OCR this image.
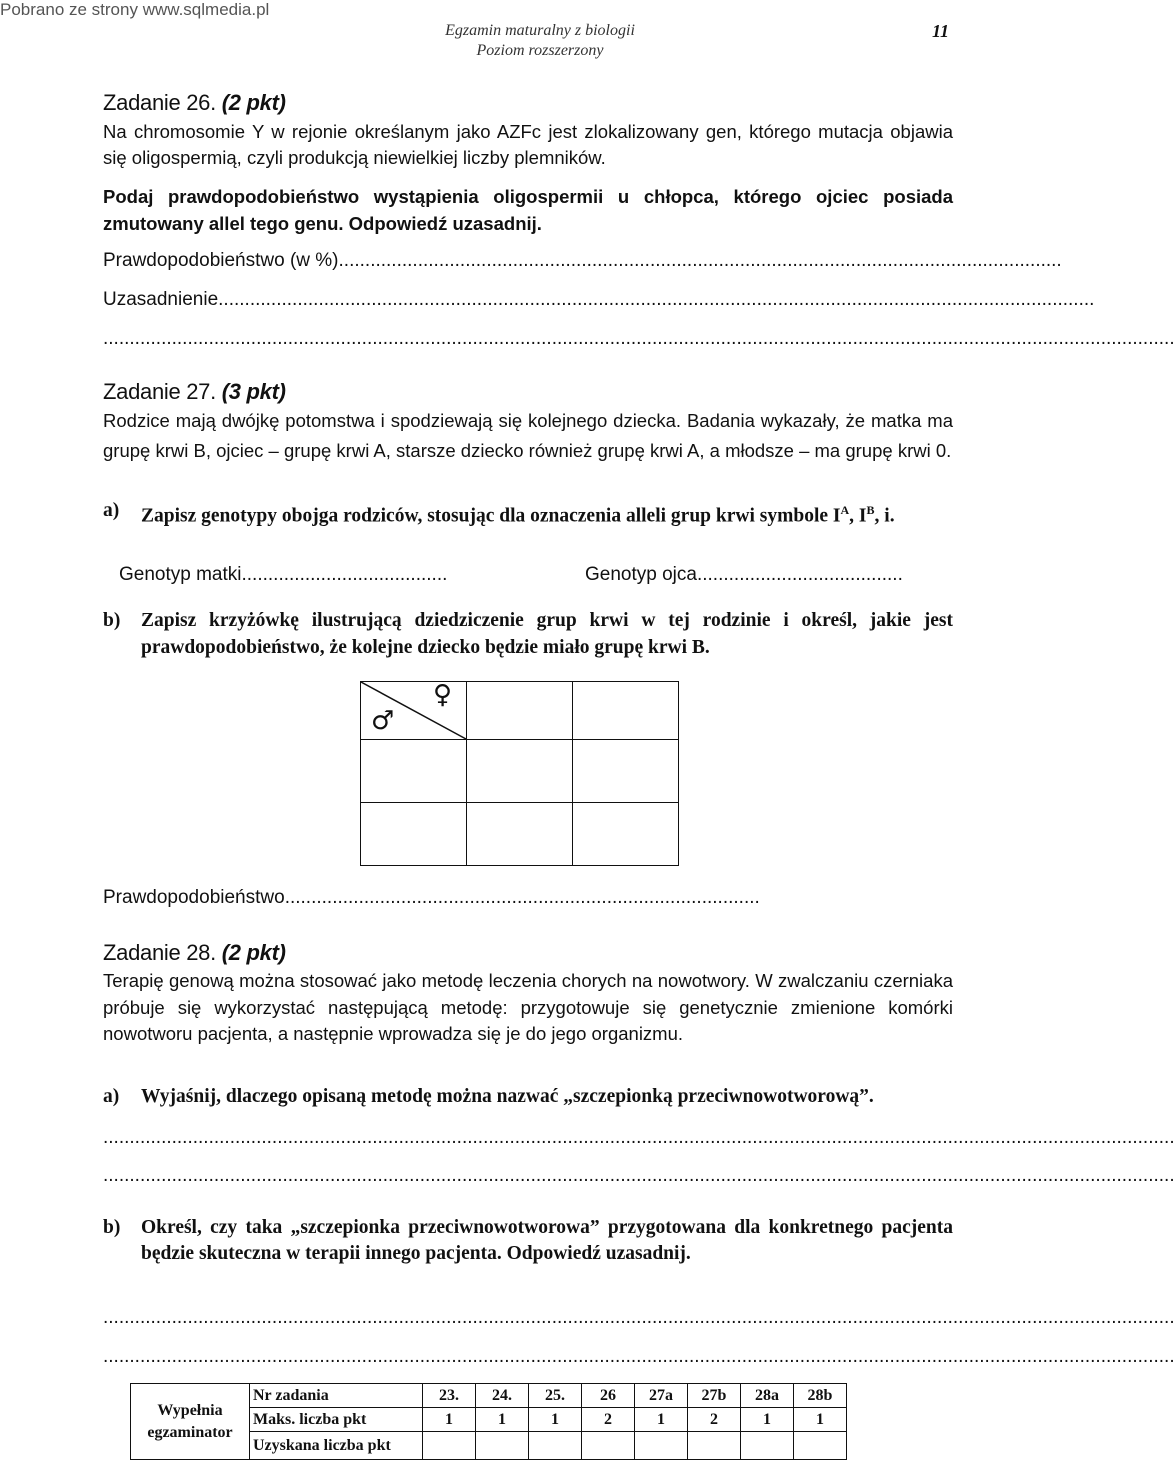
Pobrano ze strony www.sqlmedia.pl
Egzamin maturalny z biologii
Poziom rozszerzony
11
Zadanie 26. (2 pkt)
Na chromosomie Y w rejonie określanym jako AZFc jest zlokalizowany gen, którego mutacja objawia się oligospermią, czyli produkcją niewielkiej liczby plemników.
Podaj prawdopodobieństwo wystąpienia oligospermii u chłopca, którego ojciec posiada zmutowany allel tego genu. Odpowiedź uzasadnij.
Prawdopodobieństwo (w %).........................................................................................................................................
Uzasadnienie......................................................................................................................................................................
...........................................................................................................................................................................................................
Zadanie 27. (3 pkt)
Rodzice mają dwójkę potomstwa i spodziewają się kolejnego dziecka. Badania wykazały, że matka ma grupę krwi B, ojciec – grupę krwi A, starsze dziecko również grupę krwi A, a młodsze – ma grupę krwi 0.
a)	Zapisz genotypy obojga rodziców, stosując dla oznaczenia alleli grup krwi symbole $I^A$, $I^B$, i.
Genotyp matki.......................................	Genotyp ojca.......................................
b)	Zapisz krzyżówkę ilustrującą dziedziczenie grup krwi w tej rodzinie i określ, jakie jest prawdopodobieństwo, że kolejne dziecko będzie miało grupę krwi B.
♀
♂		

Prawdopodobieństwo..........................................................................................
Zadanie 28. (2 pkt)
Terapię genową można stosować jako metodę leczenia chorych na nowotwory. W zwalczaniu czerniaka próbuje się wykorzystać następującą metodę: przygotowuje się genetycznie zmienione komórki nowotworu pacjenta, a następnie wprowadza się je do jego organizmu.
a)	Wyjaśnij, dlaczego opisaną metodę można nazwać „szczepionką przeciwnowotworową”.
...........................................................................................................................................................................................................
...........................................................................................................................................................................................................
b)	Określ, czy taka „szczepionka przeciwnowotworowa” przygotowana dla konkretnego pacjenta będzie skuteczna w terapii innego pacjenta. Odpowiedź uzasadnij.
...........................................................................................................................................................................................................
...........................................................................................................................................................................................................
Wypełnia egzaminator	Nr zadania	23.	24.	25.	26	27a	27b	28a	28b
	Maks. liczba pkt	1	1	1	2	1	2	1	1
	Uzyskana liczba pkt								
